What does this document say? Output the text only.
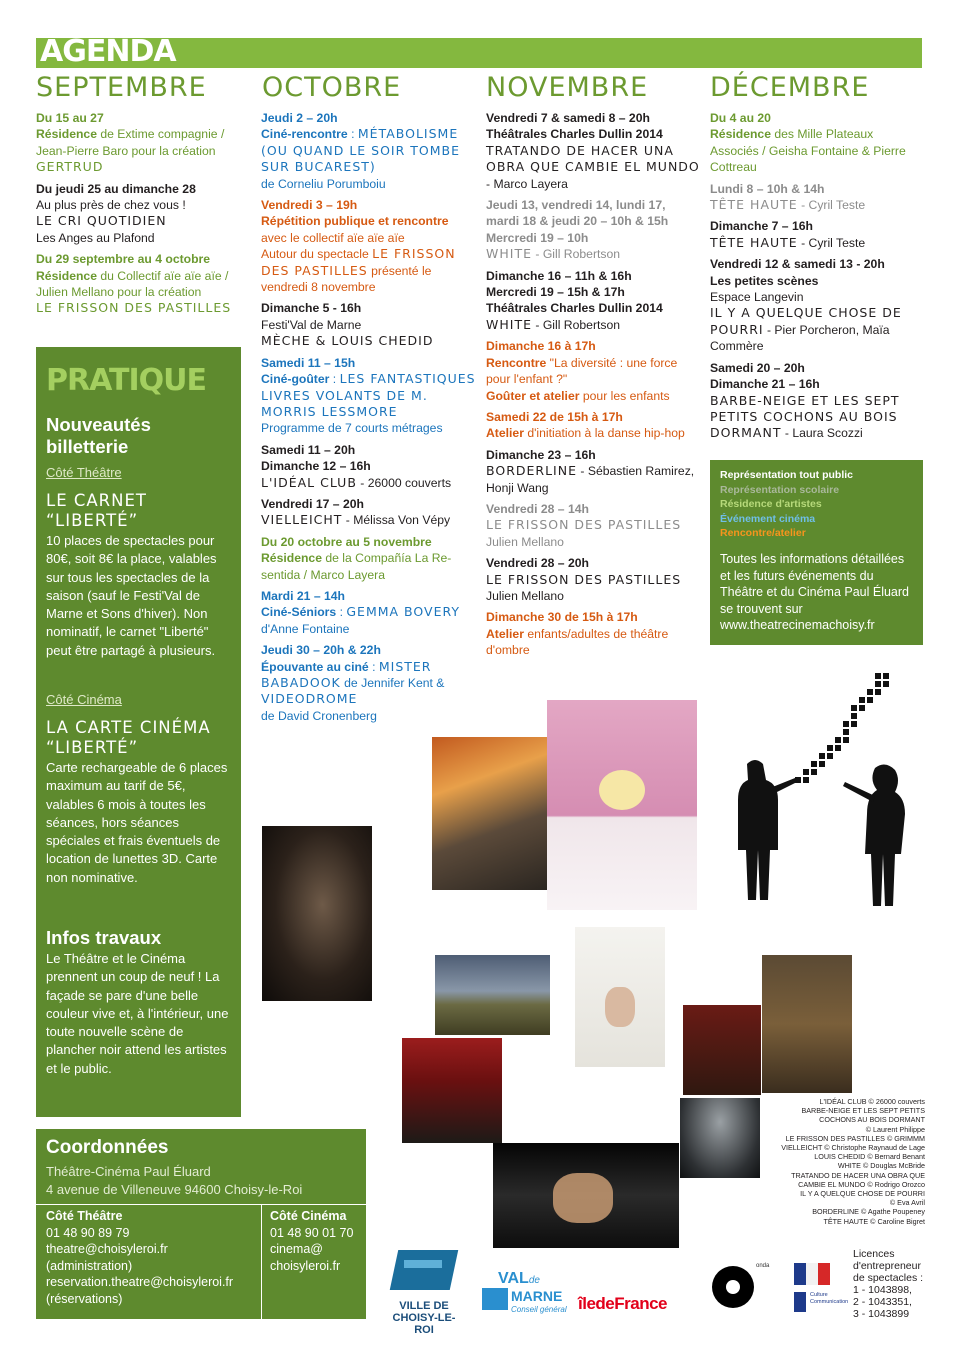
AGENDA
SEPTEMBRE OCTOBRE	NOVEMBRE DÉCEMBRE
Du 15 au 27
Résidence de Extime compagnie / Jean-Pierre Baro pour la création
GERTRUD
Du jeudi 25 au dimanche 28
Au plus près de chez vous !
LE CRI QUOTIDIEN
Les Anges au Plafond
Du 29 septembre au 4 octobre
Résidence du Collectif aïe aïe aïe / Julien Mellano pour la création
LE FRISSON DES PASTILLES
Jeudi 2 – 20h
Ciné-rencontre : MÉTABOLISME (OU QUAND LE SOIR TOMBE SUR BUCAREST)
de Corneliu Porumboiu
Vendredi 3 – 19h
Répétition publique et rencontre
avec le collectif aïe aïe aïe
Autour du spectacle LE FRISSON DES PASTILLES présenté le vendredi 8 novembre
Dimanche 5 - 16h
Festi'Val de Marne
MÈCHE & LOUIS CHEDID
Samedi 11 – 15h
Ciné-goûter : LES FANTASTIQUES LIVRES VOLANTS DE M. MORRIS LESSMORE
Programme de 7 courts métrages
Samedi 11 – 20h
Dimanche 12 – 16h
L'IDÉAL CLUB - 26000 couverts
Vendredi 17 – 20h
VIELLEICHT - Mélissa Von Vépy
Du 20 octobre au 5 novembre
Résidence de la Compañía La Re-sentida / Marco Layera
Mardi 21 – 14h
Ciné-Séniors : GEMMA BOVERY
d'Anne Fontaine
Jeudi 30 – 20h & 22h
Épouvante au ciné : MISTER BABADOOK de Jennifer Kent &
VIDEODROME
de David Cronenberg
Vendredi 7 & samedi 8 – 20h
Théâtrales Charles Dullin 2014
TRATANDO DE HACER UNA OBRA QUE CAMBIE EL MUNDO - Marco Layera
Jeudi 13, vendredi 14, lundi 17, mardi 18 & jeudi 20 – 10h & 15h
Mercredi 19 – 10h
WHITE - Gill Robertson
Dimanche 16 – 11h & 16h
Mercredi 19 – 15h & 17h
Théâtrales Charles Dullin 2014
WHITE - Gill Robertson
Dimanche 16 à 17h
Rencontre "La diversité : une force pour l'enfant ?"
Goûter et atelier pour les enfants
Samedi 22 de 15h à 17h
Atelier d'initiation à la danse hip-hop
Dimanche 23 – 16h
BORDERLINE - Sébastien Ramirez, Honji Wang
Vendredi 28 – 14h
LE FRISSON DES PASTILLES
Julien Mellano
Vendredi 28 – 20h
LE FRISSON DES PASTILLES
Julien Mellano
Dimanche 30 de 15h à 17h
Atelier enfants/adultes de théâtre d'ombre
Du 4 au 20
Résidence des Mille Plateaux Associés / Geisha Fontaine & Pierre Cottreau
Lundi 8 – 10h & 14h
TÊTE HAUTE - Cyril Teste
Dimanche 7 – 16h
TÊTE HAUTE - Cyril Teste
Vendredi 12 & samedi 13 - 20h
Les petites scènes
Espace Langevin
IL Y A QUELQUE CHOSE DE POURRI - Pier Porcheron, Maïa Commère
Samedi 20 – 20h
Dimanche 21 – 16h
BARBE-NEIGE ET LES SEPT PETITS COCHONS AU BOIS DORMANT - Laura Scozzi
Représentation tout public
Représentation scolaire
Résidence d'artistes
Événement cinéma
Rencontre/atelier
Toutes les informations détaillées et les futurs événements du Théâtre et du Cinéma Paul Éluard se trouvent sur www.theatrecinemachoisy.fr
PRATIQUE
Nouveautés billetterie
Côté Théâtre
LE CARNET “LIBERTÉ”
10 places de spectacles pour 80€, soit 8€ la place, valables sur tous les spectacles de la saison (sauf le Festi'Val de Marne et Sons d'hiver). Non nominatif, le carnet "Liberté" peut être partagé à plusieurs.
Côté Cinéma
LA CARTE CINÉMA “LIBERTÉ”
Carte rechargeable de 6 places maximum au tarif de 5€, valables 6 mois à toutes les séances, hors séances spéciales et frais éventuels de location de lunettes 3D. Carte non nominative.
Infos travaux
Le Théâtre et le Cinéma prennent un coup de neuf ! La façade se pare d'une belle couleur vive et, à l'intérieur, une toute nouvelle scène de plancher noir attend les artistes et le public.
Coordonnées
Théâtre-Cinéma Paul Éluard
4 avenue de Villeneuve 94600 Choisy-le-Roi
Côté Théâtre
01 48 90 89 79
theatre@choisyleroi.fr
(administration)
reservation.theatre@choisyleroi.fr
(réservations)
Côté Cinéma
01 48 90 01 70
cinema@
choisyleroi.fr
L'IDÉAL CLUB © 26000 couverts
BARBE-NEIGE ET LES SEPT PETITS
COCHONS AU BOIS DORMANT
© Laurent Philippe
LE FRISSON DES PASTILLES © GRIMMM
VIELLEICHT © Christophe Raynaud de Lage
LOUIS CHEDID © Bernard Benant
WHITE © Douglas McBride
TRATANDO DE HACER UNA OBRA QUE
CAMBIE EL MUNDO © Rodrigo Orozco
IL Y A QUELQUE CHOSE DE POURRI
© Eva Avril
BORDERLINE © Agathe Poupeney
TÊTE HAUTE © Caroline Bigret
VILLE DE
CHOISY-LE-ROI
VALde
MARNE
Conseil général îledeFrance
onda
Culture Communication
Licences
d'entrepreneur
de spectacles :
1 - 1043898,
2 - 1043351,
3 - 1043899
